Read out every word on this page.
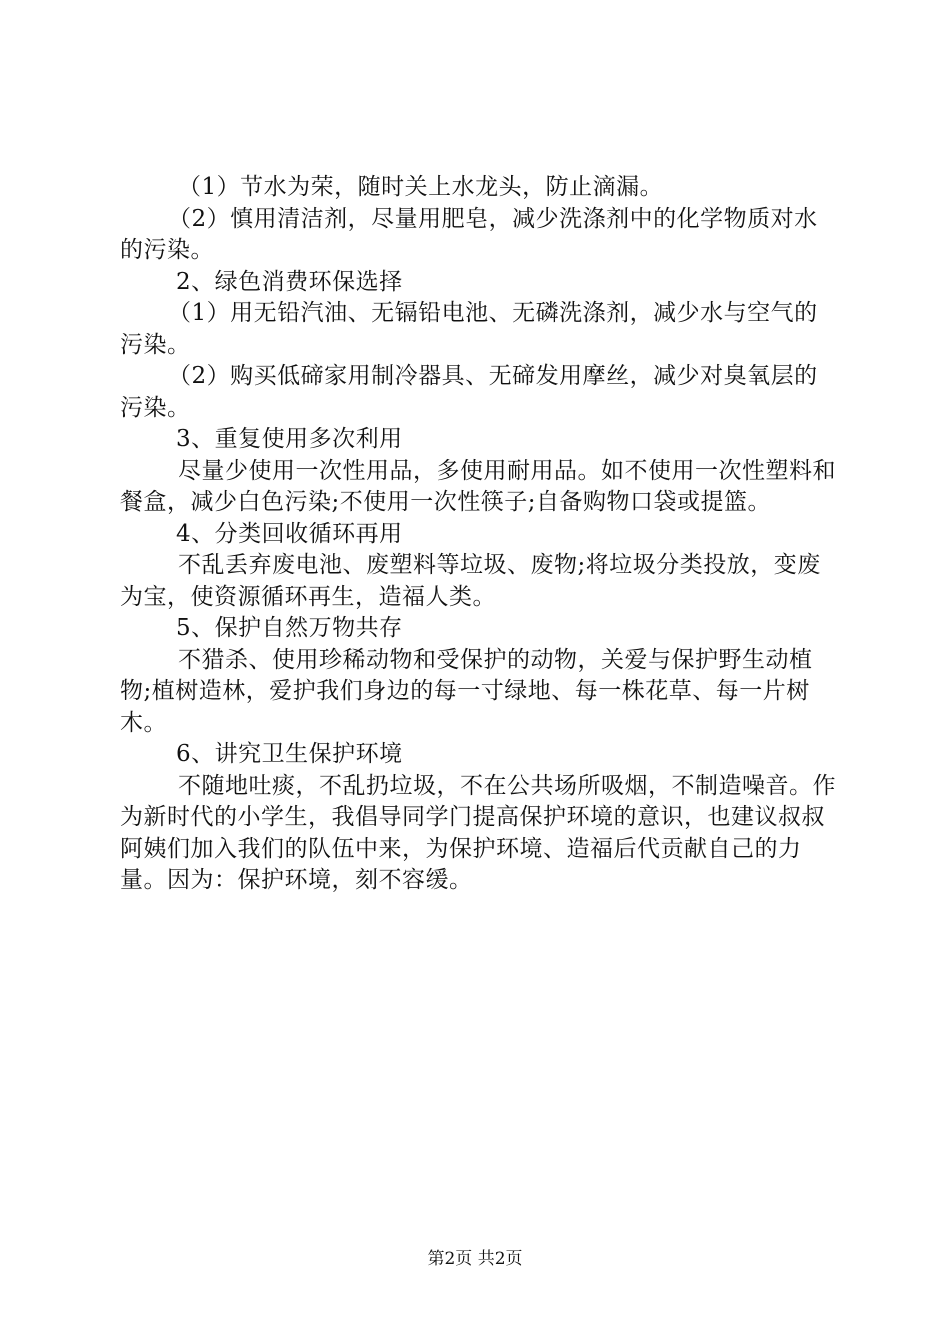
（1）节水为荣，随时关上水龙头，防止滴漏。

（2）慎用清洁剂，尽量用肥皂，减少洗涤剂中的化学物质对水的污染。

2、绿色消费环保选择

（1）用无铅汽油、无镉铅电池、无磷洗涤剂，减少水与空气的污染。

（2）购买低碲家用制冷器具、无碲发用摩丝，减少对臭氧层的污染。

3、重复使用多次利用

尽量少使用一次性用品，多使用耐用品。如不使用一次性塑料和餐盒，减少白色污染;不使用一次性筷子;自备购物口袋或提篮。

4、分类回收循环再用

不乱丢弃废电池、废塑料等垃圾、废物;将垃圾分类投放，变废为宝，使资源循环再生，造福人类。

5、保护自然万物共存

不猎杀、使用珍稀动物和受保护的动物，关爱与保护野生动植物;植树造林，爱护我们身边的每一寸绿地、每一株花草、每一片树木。

6、讲究卫生保护环境

不随地吐痰，不乱扔垃圾，不在公共场所吸烟，不制造噪音。作为新时代的小学生，我倡导同学门提高保护环境的意识，也建议叔叔阿姨们加入我们的队伍中来，为保护环境、造福后代贡献自己的力量。因为：保护环境，刻不容缓。

第2页 共2页
